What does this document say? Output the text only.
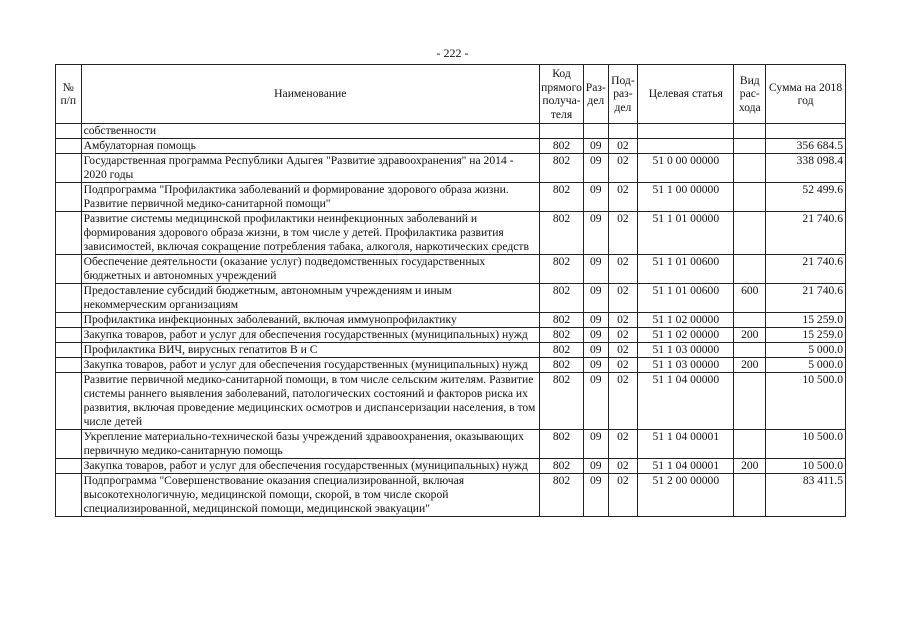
- 222 -
№ п/п	Наименование	Код прямого получа- теля	Раз- дел	Под- раз- дел	Целевая статья	Вид рас- хода	Сумма на 2018 год
	собственности						
	Амбулаторная помощь	802	09	02			356 684.5
	Государственная программа Республики Адыгея "Развитие здравоохранения" на 2014 - 2020 годы	802	09	02	51 0 00 00000		338 098.4
	Подпрограмма "Профилактика заболеваний и формирование здорового образа жизни. Развитие первичной медико-санитарной помощи"	802	09	02	51 1 00 00000		52 499.6
	Развитие системы медицинской профилактики неинфекционных заболеваний и формирования здорового образа жизни, в том числе у детей. Профилактика развития зависимостей, включая сокращение потребления табака, алкоголя, наркотических средств	802	09	02	51 1 01 00000		21 740.6
	Обеспечение деятельности (оказание услуг) подведомственных государственных бюджетных и автономных учреждений	802	09	02	51 1 01 00600		21 740.6
	Предоставление субсидий бюджетным, автономным учреждениям и иным некоммерческим организациям	802	09	02	51 1 01 00600	600	21 740.6
	Профилактика инфекционных заболеваний, включая иммунопрофилактику	802	09	02	51 1 02 00000		15 259.0
	Закупка товаров, работ и услуг для обеспечения государственных (муниципальных) нужд	802	09	02	51 1 02 00000	200	15 259.0
	Профилактика ВИЧ, вирусных гепатитов В и С	802	09	02	51 1 03 00000		5 000.0
	Закупка товаров, работ и услуг для обеспечения государственных (муниципальных) нужд	802	09	02	51 1 03 00000	200	5 000.0
	Развитие первичной медико-санитарной помощи, в том числе сельским жителям. Развитие системы раннего выявления заболеваний, патологических состояний и факторов риска их развития, включая проведение медицинских осмотров и диспансеризации населения, в том числе детей	802	09	02	51 1 04 00000		10 500.0
	Укрепление материально-технической базы учреждений здравоохранения, оказывающих первичную медико-санитарную помощь	802	09	02	51 1 04 00001		10 500.0
	Закупка товаров, работ и услуг для обеспечения государственных (муниципальных) нужд	802	09	02	51 1 04 00001	200	10 500.0
	Подпрограмма "Совершенствование оказания специализированной, включая высокотехнологичную, медицинской помощи, скорой, в том числе скорой специализированной, медицинской помощи, медицинской эвакуации"	802	09	02	51 2 00 00000		83 411.5
